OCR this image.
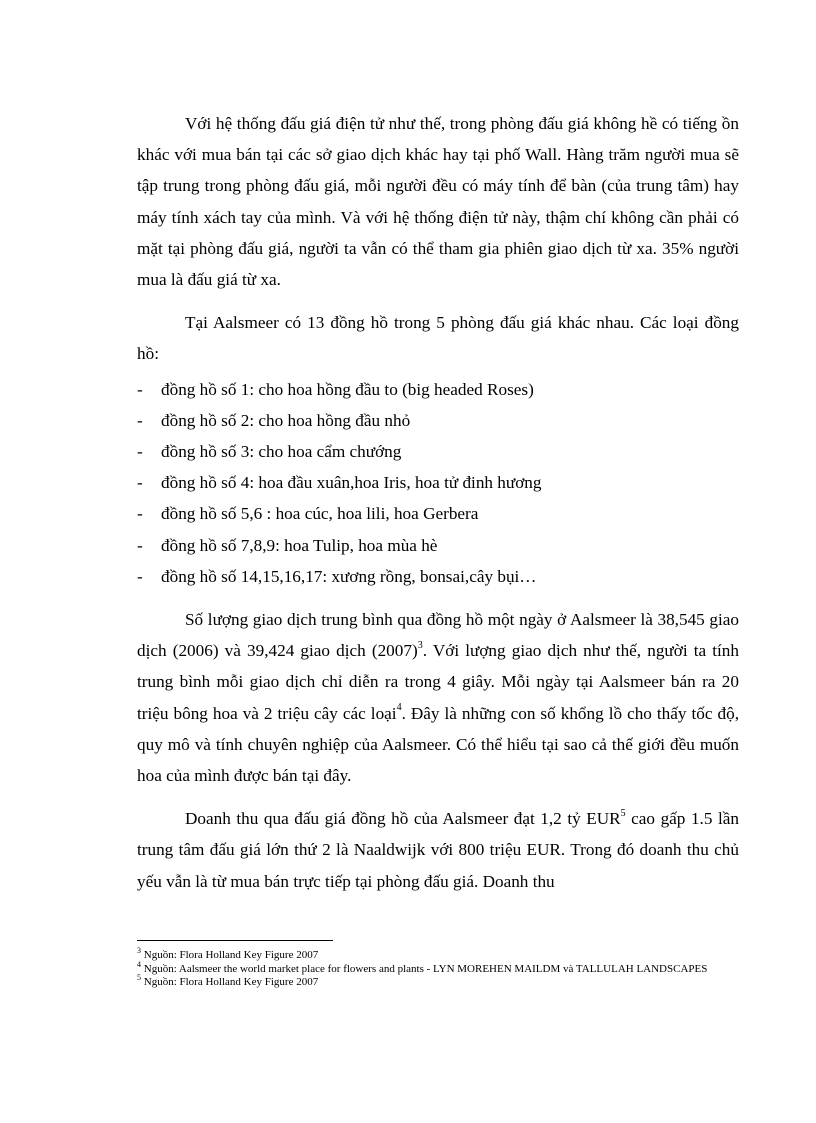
Với hệ thống đấu giá điện tử như thế, trong phòng đấu giá không hề có tiếng ồn khác với mua bán tại các sở giao dịch khác hay tại phố Wall. Hàng trăm người mua sẽ tập trung trong phòng đấu giá, mỗi người đều có máy tính để bàn (của trung tâm) hay máy tính xách tay của mình. Và với hệ thống điện tử này, thậm chí không cần phải có mặt tại phòng đấu giá, người ta vẫn có thể tham gia phiên giao dịch từ xa. 35% người mua là đấu giá từ xa.

Tại Aalsmeer có 13 đồng hồ trong 5 phòng đấu giá khác nhau. Các loại đồng hồ:

- đồng hồ số 1: cho hoa hồng đầu to (big headed Roses)
- đồng hồ số 2: cho hoa hồng đầu nhỏ
- đồng hồ số 3: cho hoa cẩm chướng
- đồng hồ số 4: hoa đầu xuân,hoa Iris, hoa tử đinh hương
- đồng hồ số 5,6 : hoa cúc, hoa lili, hoa Gerbera
- đồng hồ số 7,8,9: hoa Tulip, hoa mùa hè
- đồng hồ số 14,15,16,17: xương rồng, bonsai,cây bụi…

Số lượng giao dịch trung bình qua đồng hồ một ngày ở Aalsmeer là 38,545 giao dịch (2006) và 39,424 giao dịch $(2007)^3$. Với lượng giao dịch như thế, người ta tính trung bình mỗi giao dịch chỉ diễn ra trong 4 giây. Mỗi ngày tại Aalsmeer bán ra 20 triệu bông hoa và 2 triệu cây các loại$^4$. Đây là những con số khổng lồ cho thấy tốc độ, quy mô và tính chuyên nghiệp của Aalsmeer. Có thể hiểu tại sao cả thế giới đều muốn hoa của mình được bán tại đây.

Doanh thu qua đấu giá đồng hồ của Aalsmeer đạt 1,2 tỷ EUR$^5$ cao gấp 1.5 lần trung tâm đấu giá lớn thứ 2 là Naaldwijk với 800 triệu EUR. Trong đó doanh thu chủ yếu vẫn là từ mua bán trực tiếp tại phòng đấu giá. Doanh thu

$^3$ Nguồn: Flora Holland Key Figure 2007

$^4$ Nguồn: Aalsmeer the world market place for flowers and plants - LYN MOREHEN MAILDM và TALLULAH LANDSCAPES

$^5$ Nguồn: Flora Holland Key Figure 2007
